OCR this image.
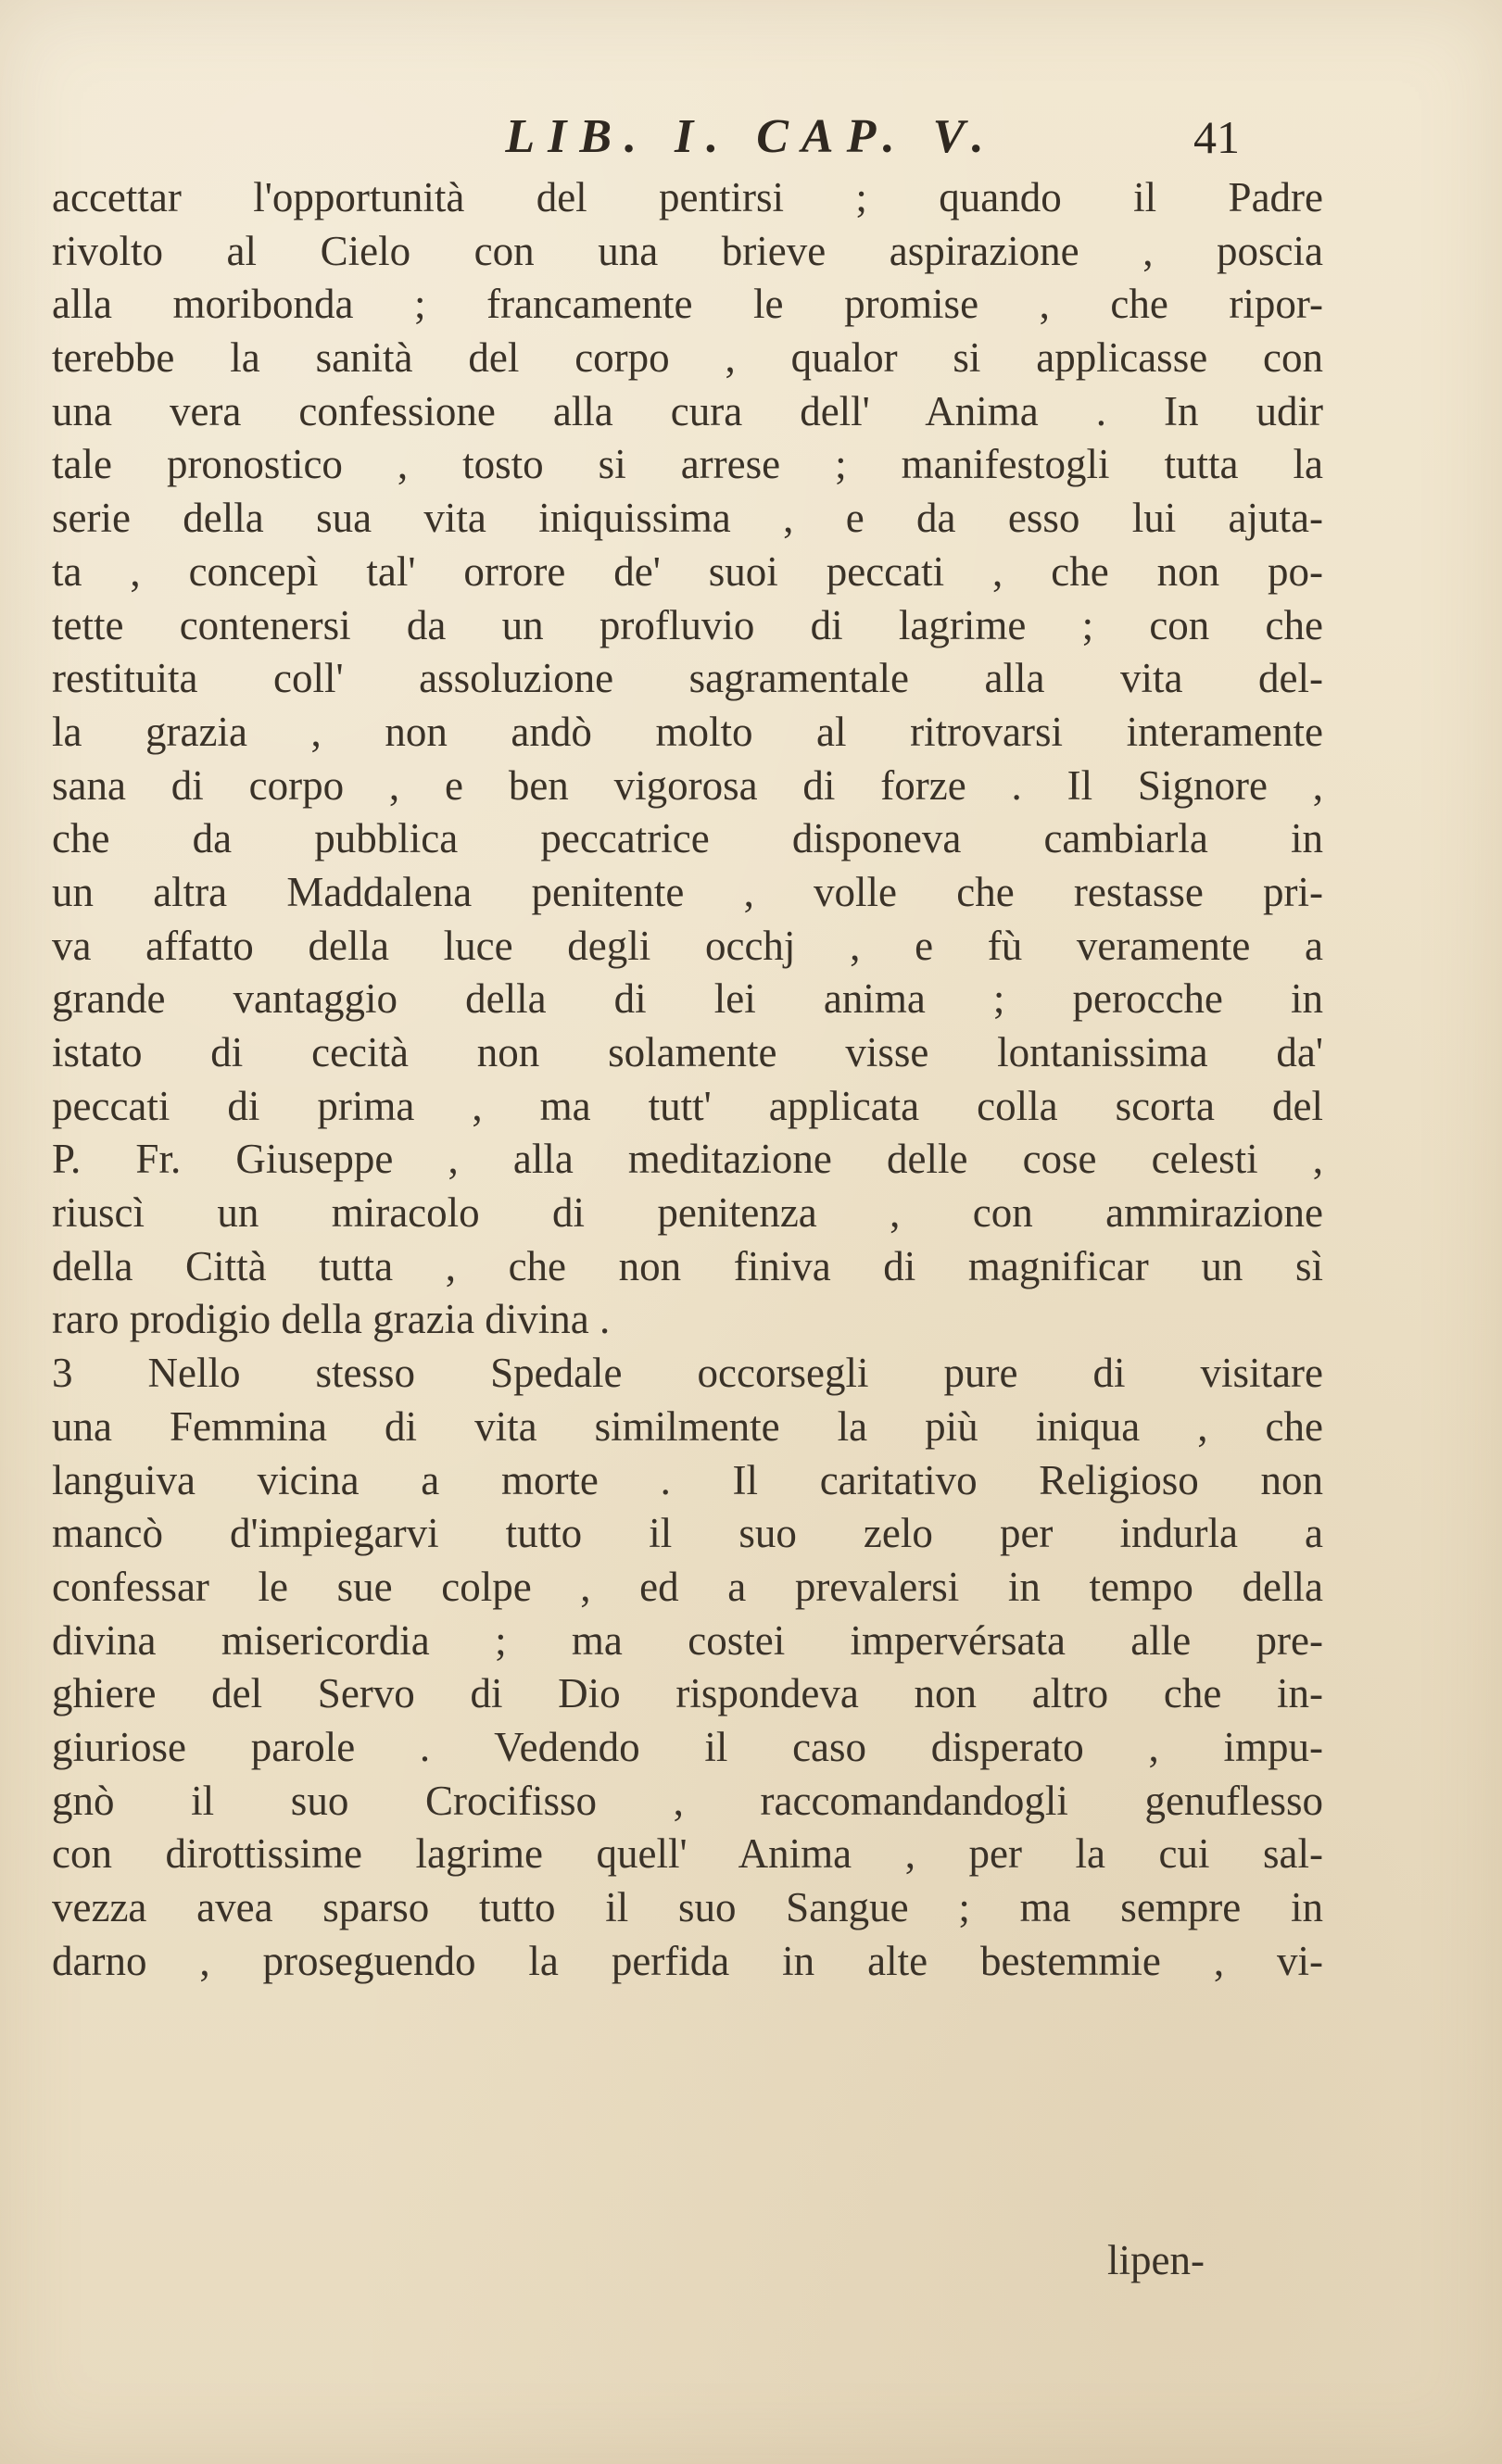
LIB. I. CAP. V.	41
accettar l'opportunità del pentirsi ; quando il Padre
rivolto al Cielo con una brieve aspirazione , poscia
alla moribonda ; francamente le promise , che ripor-
terebbe la sanità del corpo , qualor si applicasse con
una vera confessione alla cura dell' Anima . In udir
tale pronostico , tosto si arrese ; manifestogli tutta la
serie della sua vita iniquissima , e da esso lui ajuta-
ta , concepì tal' orrore de' suoi peccati , che non po-
tette contenersi da un profluvio di lagrime ; con che
restituita coll' assoluzione sagramentale alla vita del-
la grazia , non andò molto al ritrovarsi interamente
sana di corpo , e ben vigorosa di forze . Il Signore ,
che da pubblica peccatrice disponeva cambiarla in
un altra Maddalena penitente , volle che restasse pri-
va affatto della luce degli occhj , e fù veramente a
grande vantaggio della di lei anima ; perocche in
istato di cecità non solamente visse lontanissima da'
peccati di prima , ma tutt' applicata colla scorta del
P. Fr. Giuseppe , alla meditazione delle cose celesti ,
riuscì un miracolo di penitenza , con ammirazione
della Città tutta , che non finiva di magnificar un sì
raro prodigio della grazia divina .
3 Nello stesso Spedale occorsegli pure di visitare
una Femmina di vita similmente la più iniqua , che
languiva vicina a morte . Il caritativo Religioso non
mancò d'impiegarvi tutto il suo zelo per indurla a
confessar le sue colpe , ed a prevalersi in tempo della
divina misericordia ; ma costei impervérsata alle pre-
ghiere del Servo di Dio rispondeva non altro che in-
giuriose parole . Vedendo il caso disperato , impu-
gnò il suo Crocifisso , raccomandandogli genuflesso
con dirottissime lagrime quell' Anima , per la cui sal-
vezza avea sparso tutto il suo Sangue ; ma sempre in
darno , proseguendo la perfida in alte bestemmie , vi-
lipen-
